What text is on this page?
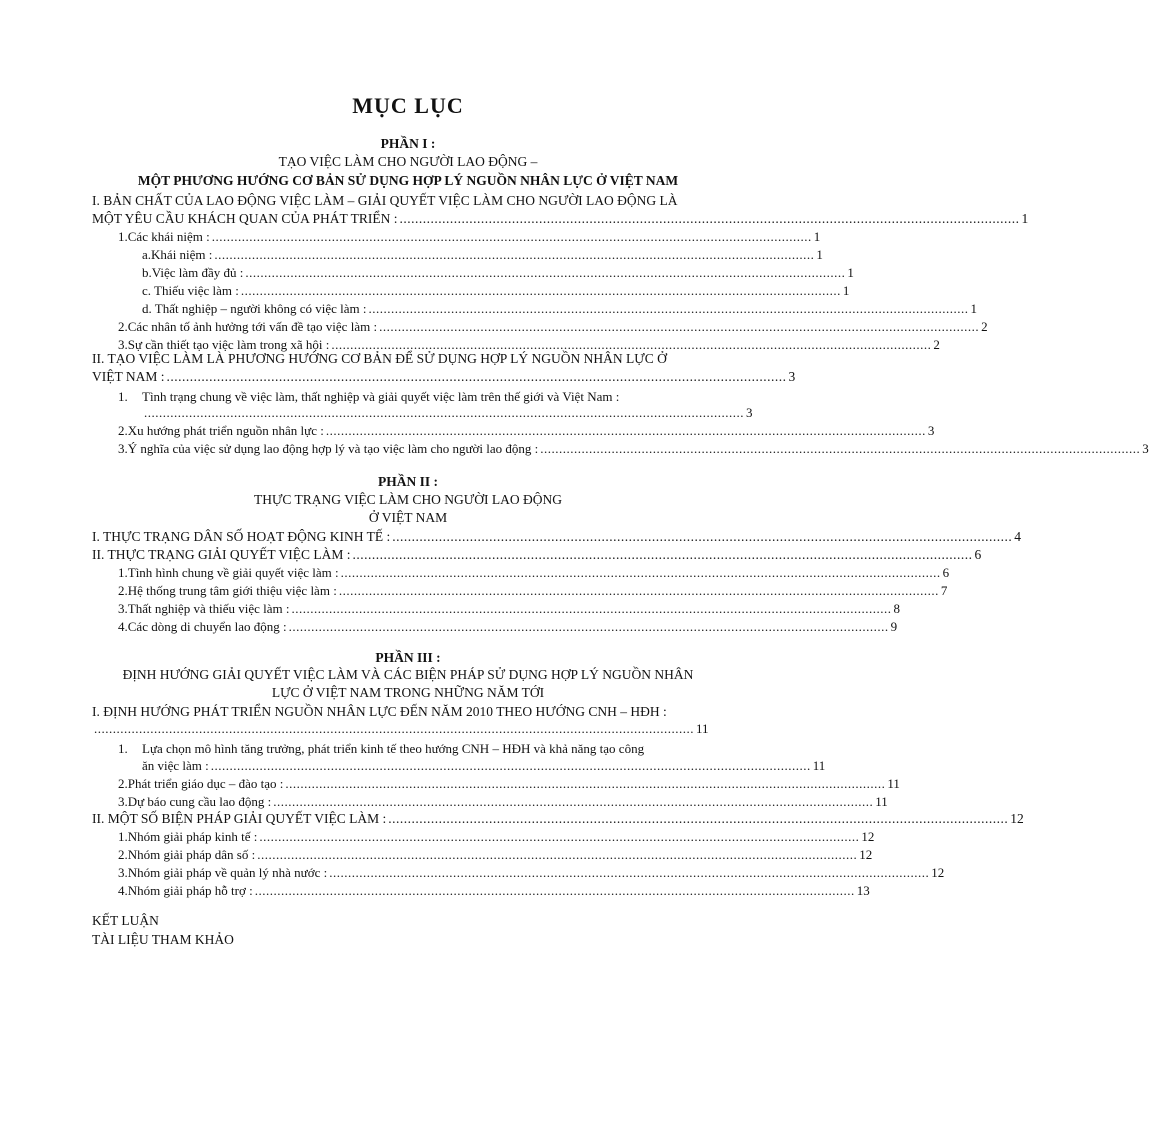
MỤC LỤC
PHẦN I :
TẠO VIỆC LÀM CHO NGƯỜI LAO ĐỘNG –
MỘT PHƯƠNG HƯỚNG CƠ BẢN SỬ DỤNG HỢP LÝ NGUỒN NHÂN LỰC Ở VIỆT NAM
I. BẢN CHẤT CỦA LAO ĐỘNG VIỆC LÀM – GIẢI QUYẾT VIỆC LÀM CHO NGƯỜI LAO ĐỘNG LÀ
MỘT YÊU CẦU KHÁCH QUAN CỦA PHÁT TRIỂN : ................................................................................................................................................................ 1
1. Các khái niệm : ................................................................................................................................................................ 1
a. Khái niệm : ................................................................................................................................................................ 1
b. Việc làm đầy đủ : ................................................................................................................................................................ 1
c. Thiếu việc làm : ................................................................................................................................................................ 1
d. Thất nghiệp – người không có việc làm : ................................................................................................................................................................ 1
2. Các nhân tố ảnh hưởng tới vấn đề tạo việc làm : ................................................................................................................................................................ 2
3. Sự cần thiết tạo việc làm trong xã hội : ................................................................................................................................................................ 2
II. TẠO VIỆC LÀM LÀ PHƯƠNG HƯỚNG CƠ BẢN ĐỂ SỬ DỤNG HỢP LÝ NGUỒN NHÂN LỰC Ở
VIỆT NAM : ................................................................................................................................................................ 3
1. Tình trạng chung về việc làm, thất nghiệp và giải quyết việc làm trên thế giới và Việt Nam :
................................................................................................................................................................ 3
2. Xu hướng phát triển nguồn nhân lực : ................................................................................................................................................................ 3
3. Ý nghĩa của việc sử dụng lao động hợp lý và tạo việc làm cho người lao động : ................................................................................................................................................................ 3
PHẦN II :
THỰC TRẠNG VIỆC LÀM CHO NGƯỜI LAO ĐỘNG
Ở VIỆT NAM
I. THỰC TRẠNG DÂN SỐ HOẠT ĐỘNG KINH TẾ : ................................................................................................................................................................ 4
II. THỰC TRẠNG GIẢI QUYẾT VIỆC LÀM : ................................................................................................................................................................ 6
1. Tình hình chung về giải quyết việc làm : ................................................................................................................................................................ 6
2. Hệ thống trung tâm giới thiệu việc làm : ................................................................................................................................................................ 7
3. Thất nghiệp và thiếu việc làm : ................................................................................................................................................................ 8
4. Các dòng di chuyển lao động : ................................................................................................................................................................ 9
PHẦN III :
ĐỊNH HƯỚNG GIẢI QUYẾT VIỆC LÀM VÀ CÁC BIỆN PHÁP SỬ DỤNG HỢP LÝ NGUỒN NHÂN
LỰC Ở VIỆT NAM TRONG NHỮNG NĂM TỚI
I. ĐỊNH HƯỚNG PHÁT TRIỂN NGUỒN NHÂN LỰC ĐẾN NĂM 2010 THEO HƯỚNG CNH – HĐH :
................................................................................................................................................................ 11
1. Lựa chọn mô hình tăng trưởng, phát triển kinh tế theo hướng CNH – HĐH và khả năng tạo công
ăn việc làm : ................................................................................................................................................................ 11
2. Phát triển giáo dục – đào tạo : ................................................................................................................................................................ 11
3. Dự báo cung cầu lao động : ................................................................................................................................................................ 11
II. MỘT SỐ BIỆN PHÁP GIẢI QUYẾT VIỆC LÀM : ................................................................................................................................................................ 12
1. Nhóm giải pháp kinh tế : ................................................................................................................................................................ 12
2. Nhóm giải pháp dân số : ................................................................................................................................................................ 12
3. Nhóm giải pháp về quản lý nhà nước : ................................................................................................................................................................ 12
4. Nhóm giải pháp hỗ trợ : ................................................................................................................................................................ 13
KẾT LUẬN
TÀI LIỆU THAM KHẢO
